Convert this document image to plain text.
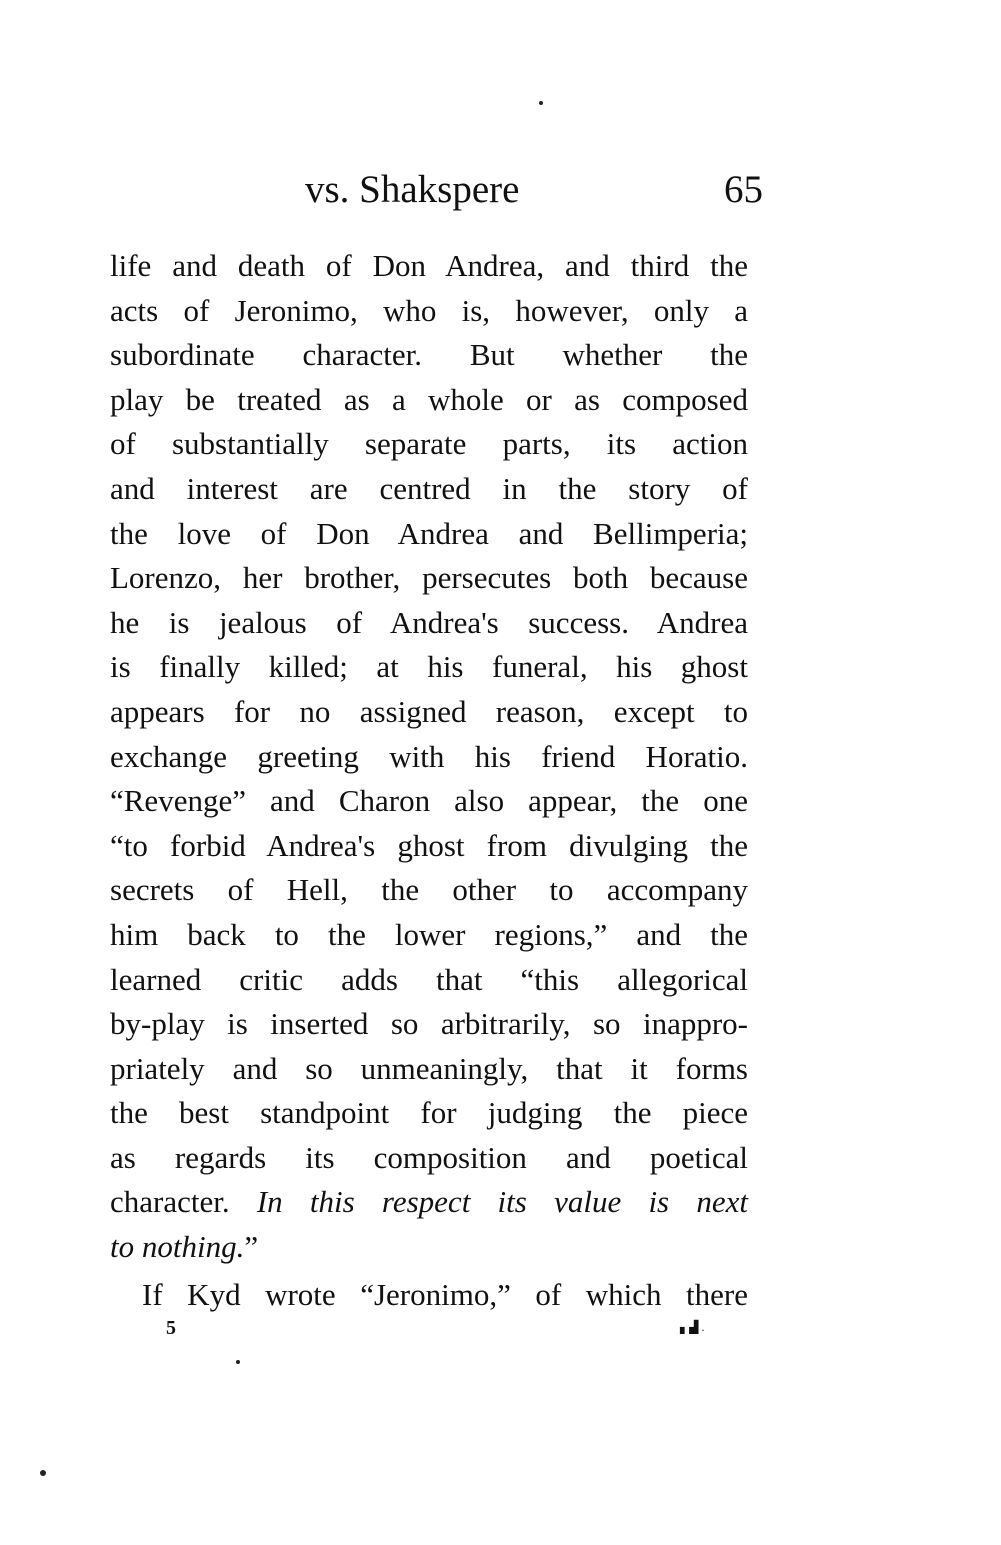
vs. Shakspere	65
life and death of Don Andrea, and third the
acts of Jeronimo, who is, however, only a
subordinate character. But whether the
play be treated as a whole or as composed
of substantially separate parts, its action
and interest are centred in the story of
the love of Don Andrea and Bellimperia;
Lorenzo, her brother, persecutes both because
he is jealous of Andrea's success. Andrea
is finally killed; at his funeral, his ghost
appears for no assigned reason, except to
exchange greeting with his friend Horatio.
“Revenge” and Charon also appear, the one
“to forbid Andrea's ghost from divulging the
secrets of Hell, the other to accompany
him back to the lower regions,” and the
learned critic adds that “this allegorical
by-play is inserted so arbitrarily, so inappro-
priately and so unmeaningly, that it forms
the best standpoint for judging the piece
as regards its composition and poetical
character. In this respect its value is next
to nothing.”
If Kyd wrote “Jeronimo,” of which there
5	▖▟ .
